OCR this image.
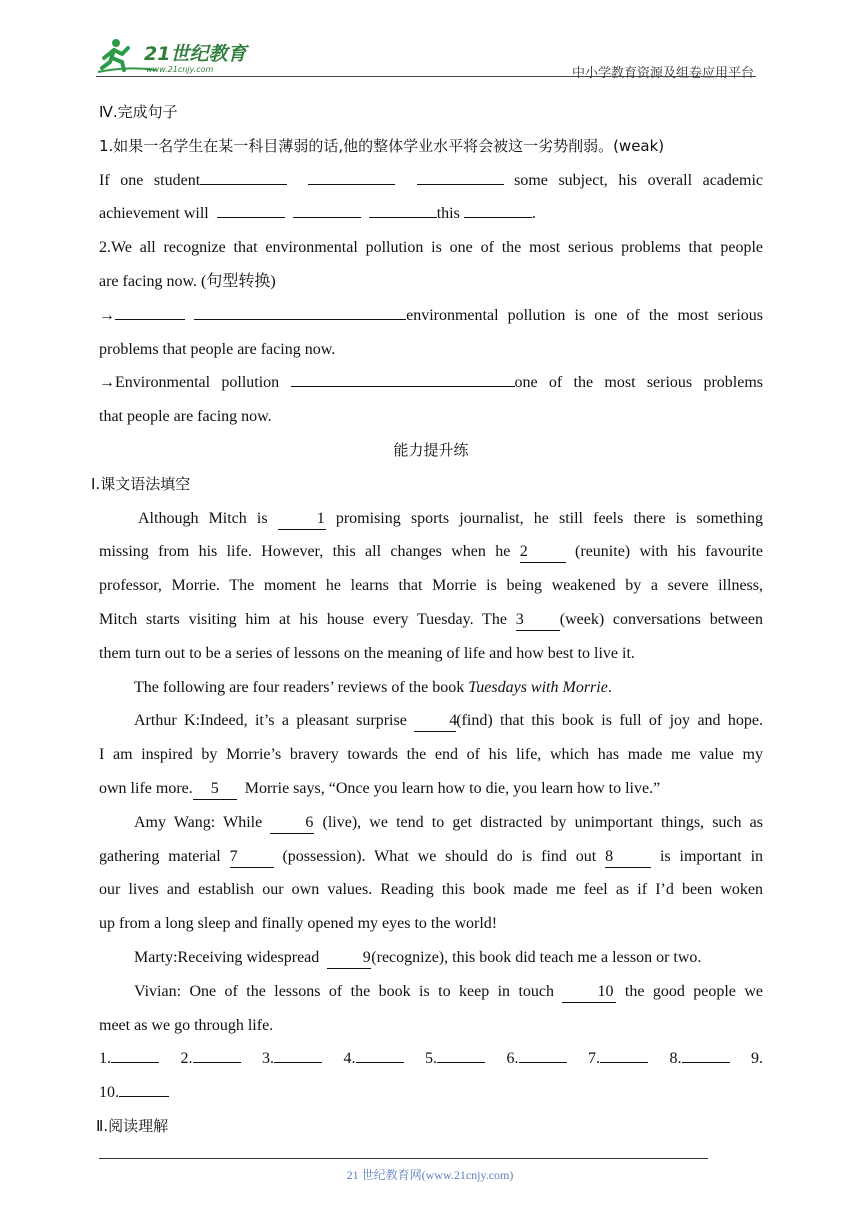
21世纪教育
www.21cnjy.com	中小学教育资源及组卷应用平台
Ⅳ.完成句子
1.如果一名学生在某一科目薄弱的话,他的整体学业水平将会被这一劣势削弱。(weak)
If one student	some subject, his overall academic
achievement will	this	.
2.We all recognize that environmental pollution is one of the most serious problems that people
are facing now. (句型转换)
→	environmental pollution is one of the most serious
problems that people are facing now.
→Environmental pollution	one of the most serious problems
that people are facing now.
能力提升练
Ⅰ.课文语法填空
Although Mitch is	1 promising sports journalist, he still feels there is something
missing from his life. However, this all changes when he 2	(reunite) with his favourite
professor, Morrie. The moment he learns that Morrie is being weakened by a severe illness,
Mitch starts visiting him at his house every Tuesday. The 3 (week) conversations between
them turn out to be a series of lessons on the meaning of life and how best to live it.
The following are four readers’ reviews of the book Tuesdays with Morrie.
Arthur K:Indeed, it’s a pleasant surprise	4(find) that this book is full of joy and hope.
I am inspired by Morrie’s bravery towards the end of his life, which has made me value my
own life more. 5 Morrie says, “Once you learn how to die, you learn how to live.”
Amy Wang: While	6 (live), we tend to get distracted by unimportant things, such as
gathering material 7	(possession). What we should do is find out 8	is important in
our lives and establish our own values. Reading this book made me feel as if I’d been woken
up from a long sleep and finally opened my eyes to the world!
Marty:Receiving widespread	9(recognize), this book did teach me a lesson or two.
Vivian: One of the lessons of the book is to keep in touch	10 the good people we
meet as we go through life.
1.	2.	3.	4.	5.	6.	7.	8.	9.
10.
Ⅱ.阅读理解
21 世纪教育网(www.21cnjy.com)
